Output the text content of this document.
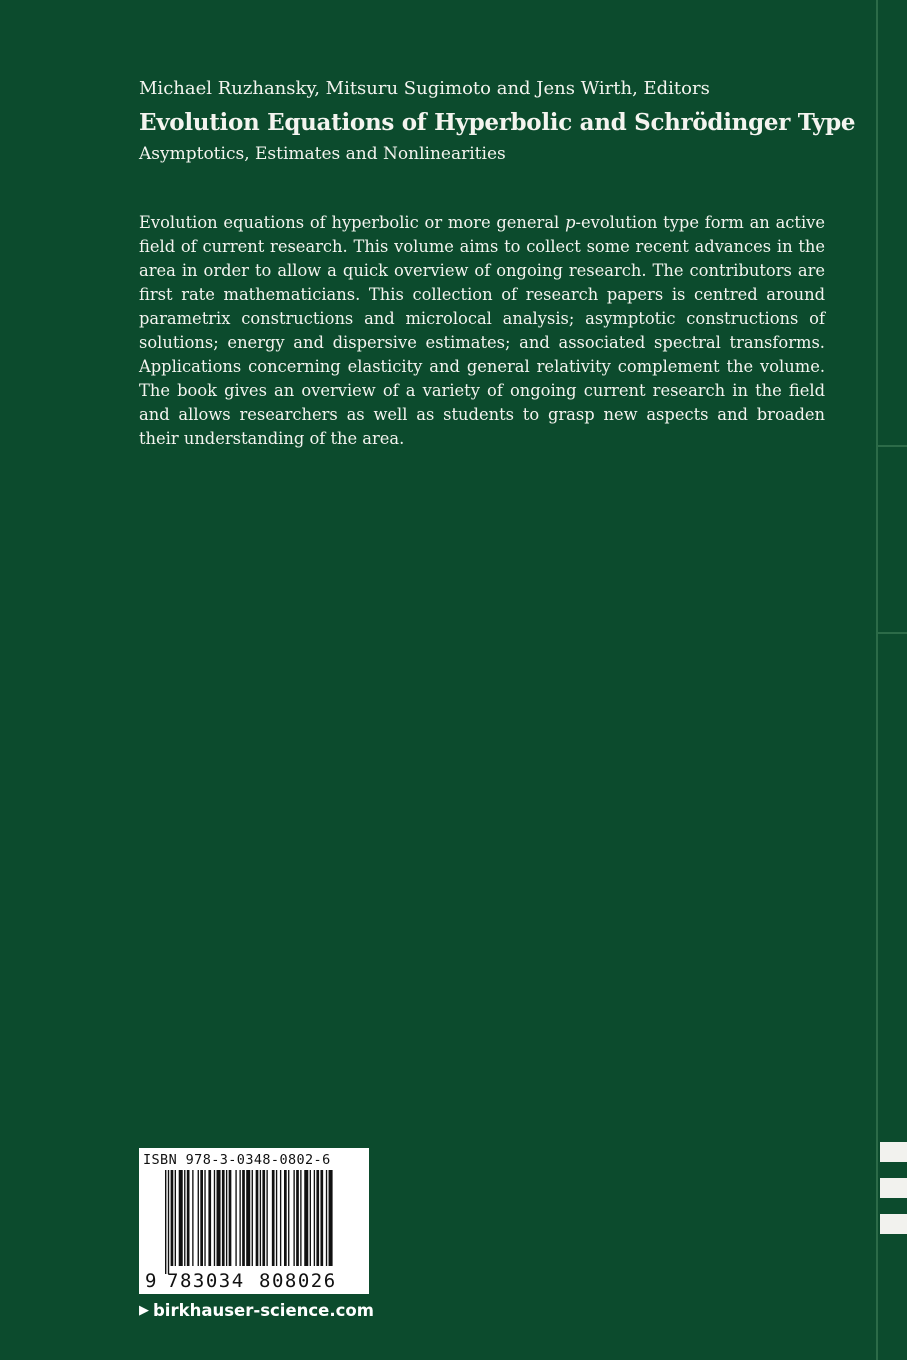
Michael Ruzhansky, Mitsuru Sugimoto and Jens Wirth, Editors
Evolution Equations of Hyperbolic and Schrödinger Type
Asymptotics, Estimates and Nonlinearities

Evolution equations of hyperbolic or more general p-evolution type form an active field of current research. This volume aims to collect some recent advances in the area in order to allow a quick overview of ongoing research. The contributors are first rate mathematicians. This collection of research papers is centred around parametrix constructions and microlocal analysis; asymptotic constructions of solutions; energy and dispersive estimates; and associated spectral transforms. Applications concerning elasticity and general relativity complement the volume. The book gives an overview of a variety of ongoing current research in the field and allows researchers as well as students to grasp new aspects and broaden their understanding of the area.

ISBN 978-3-0348-0802-6
9 783034 808026
▶ birkhauser-science.com
